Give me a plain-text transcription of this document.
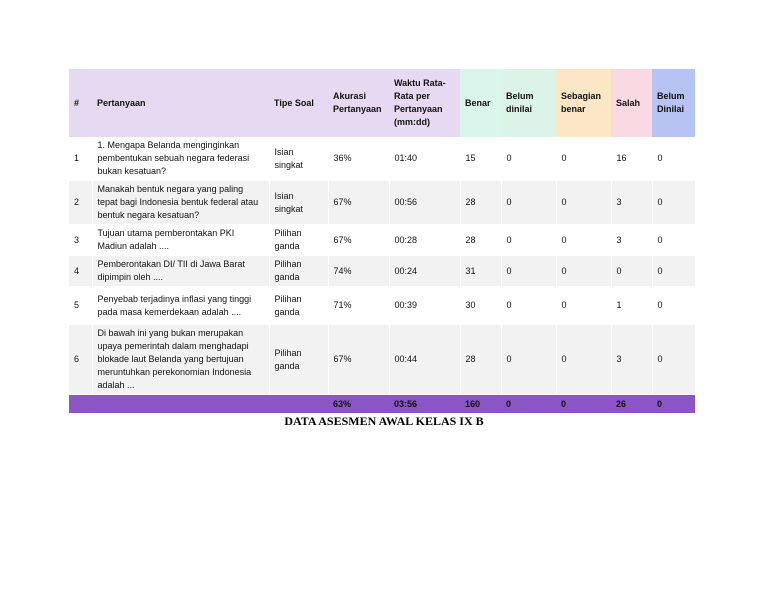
#	Pertanyaan	Tipe Soal	Akurasi Pertanyaan	Waktu Rata-Rata per Pertanyaan (mm:dd)	Benar	Belum dinilai	Sebagian benar	Salah	Belum Dinilai
1	1. Mengapa Belanda menginginkan pembentukan sebuah negara federasi bukan kesatuan?	Isian singkat	36%	01:40	15	0	0	16	0
2	Manakah bentuk negara yang paling tepat bagi Indonesia bentuk federal atau bentuk negara kesatuan?	Isian singkat	67%	00:56	28	0	0	3	0
3	Tujuan utama pemberontakan PKI Madiun adalah ....	Pilihan ganda	67%	00:28	28	0	0	3	0
4	Pemberontakan DI/ TII di Jawa Barat dipimpin oleh ....	Pilihan ganda	74%	00:24	31	0	0	0	0
5	Penyebab terjadinya inflasi yang tinggi pada masa kemerdekaan adalah ....	Pilihan ganda	71%	00:39	30	0	0	1	0
6	Di bawah ini yang bukan merupakan upaya pemerintah dalam menghadapi blokade laut Belanda yang bertujuan meruntuhkan perekonomian Indonesia adalah ...	Pilihan ganda	67%	00:44	28	0	0	3	0
			63%	03:56	160	0	0	26	0
DATA ASESMEN AWAL KELAS IX B
